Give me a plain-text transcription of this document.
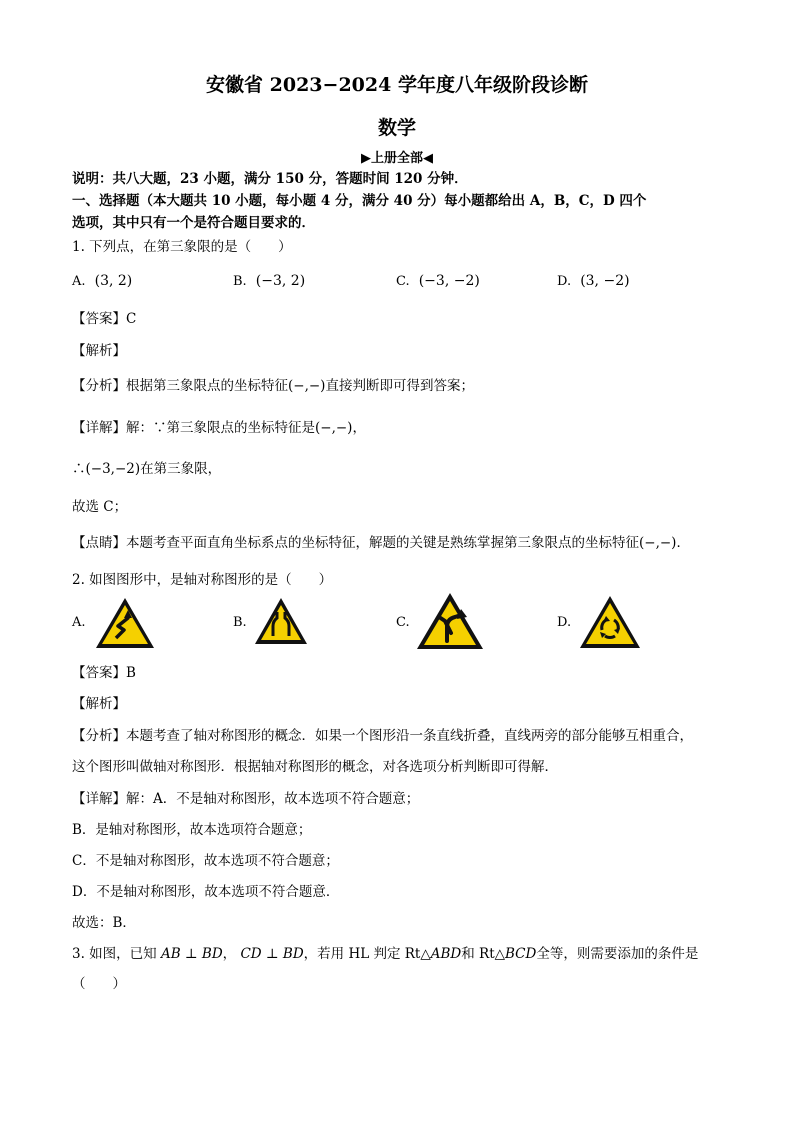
安徽省 2023−2024 学年度八年级阶段诊断
数学
▶上册全部◀
说明：共八大题，23 小题，满分 150 分，答题时间 120 分钟．
一、选择题（本大题共 10 小题，每小题 4 分，满分 40 分）每小题都给出 A，B，C，D 四个
选项，其中只有一个是符合题目要求的．
1. 下列点，在第三象限的是（　　）
A. (3, 2)	B. (−3, 2)	C. (−3, −2)	D. (3, −2)
【答案】C
【解析】
【分析】根据第三象限点的坐标特征(−,−)直接判断即可得到答案；
【详解】解：∵第三象限点的坐标特征是(−,−)，
∴(−3,−2)在第三象限，
故选 C；
【点睛】本题考查平面直角坐标系点的坐标特征，解题的关键是熟练掌握第三象限点的坐标特征(−,−)．
2. 如图图形中，是轴对称图形的是（　　）
A.	B.	C.	D.
【答案】B
【解析】
【分析】本题考查了轴对称图形的概念．如果一个图形沿一条直线折叠，直线两旁的部分能够互相重合，
这个图形叫做轴对称图形．根据轴对称图形的概念，对各选项分析判断即可得解．
【详解】解：A．不是轴对称图形，故本选项不符合题意；
B．是轴对称图形，故本选项符合题意；
C．不是轴对称图形，故本选项不符合题意；
D．不是轴对称图形，故本选项不符合题意．
故选：B．
3. 如图，已知 AB ⊥ BD， CD ⊥ BD，若用 HL 判定 Rt△ABD和 Rt△BCD全等，则需要添加的条件是
（　　）
